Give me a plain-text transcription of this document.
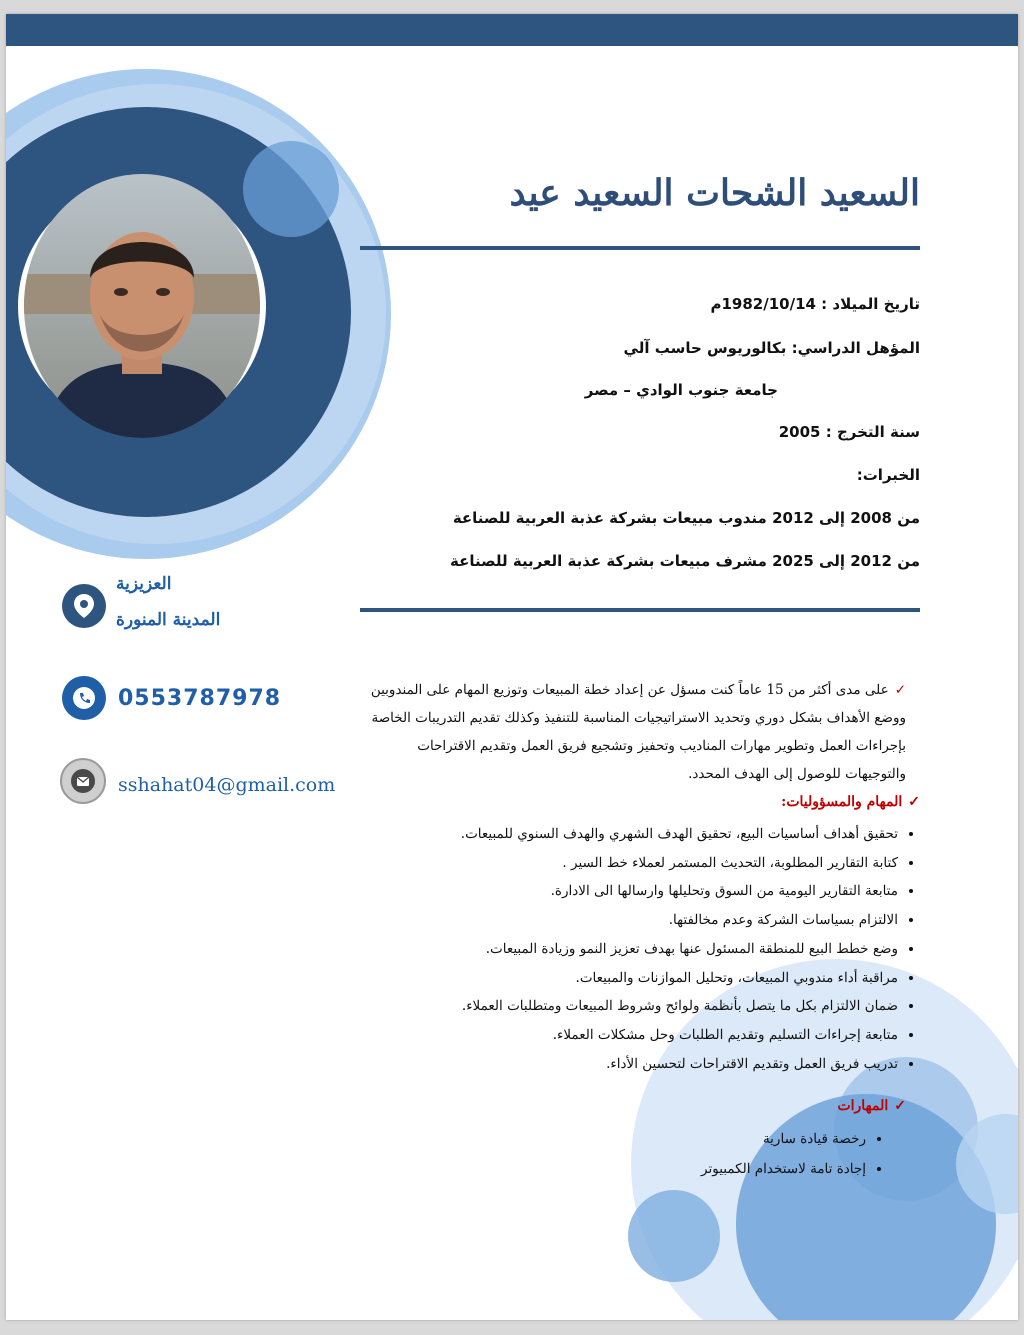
السعيد الشحات السعيد عيد
تاريخ الميلاد : 1982/10/14م
المؤهل الدراسي: بكالوريوس حاسب آلي
جامعة جنوب الوادي – مصر
سنة التخرج : 2005
الخبرات:
من 2008 إلى 2012 مندوب مبيعات بشركة عذبة العربية للصناعة
من 2012 إلى 2025 مشرف مبيعات بشركة عذبة العربية للصناعة
العزيزية
المدينة المنورة
0553787978
sshahat04@gmail.com
✓على مدى أكثر من 15 عاماً كنت مسؤل عن إعداد خطة المبيعات وتوزيع المهام على المندوبين ووضع الأهداف بشكل دوري وتحديد الاستراتيجيات المناسبة للتنفيذ وكذلك تقديم التدريبات الخاصة بإجراءات العمل وتطوير مهارات المناديب وتحفيز وتشجيع فريق العمل وتقديم الاقتراحات والتوجيهات للوصول إلى الهدف المحدد.
✓المهام والمسؤوليات:
• تحقيق أهداف أساسيات البيع، تحقيق الهدف الشهري والهدف السنوي للمبيعات.
• كتابة التقارير المطلوبة، التحديث المستمر لعملاء خط السير .
• متابعة التقارير اليومية من السوق وتحليلها وارسالها الى الادارة.
• الالتزام بسياسات الشركة وعدم مخالفتها.
• وضع خطط البيع للمنطقة المسئول عنها بهدف تعزيز النمو وزيادة المبيعات.
• مراقبة أداء مندوبي المبيعات، وتحليل الموازنات والمبيعات.
• ضمان الالتزام بكل ما يتصل بأنظمة ولوائح وشروط المبيعات ومتطلبات العملاء.
• متابعة إجراءات التسليم وتقديم الطلبات وحل مشكلات العملاء.
• تدريب فريق العمل وتقديم الاقتراحات لتحسين الأداء.
✓المهارات
• رخصة قيادة سارية
• إجادة تامة لاستخدام الكمبيوتر
